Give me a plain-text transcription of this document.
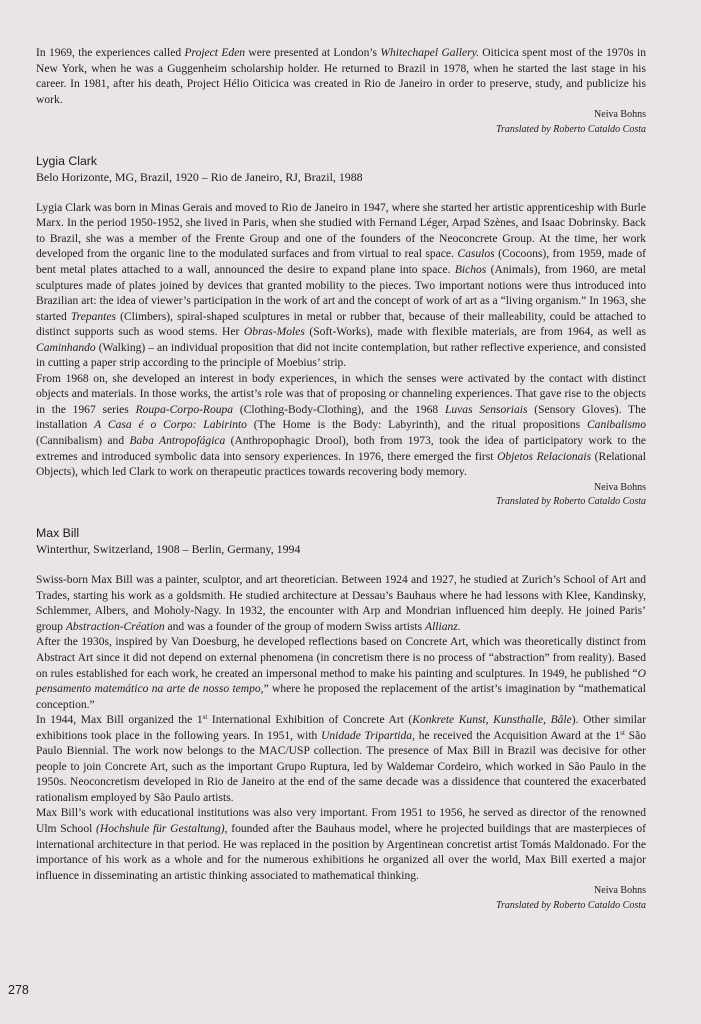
In 1969, the experiences called Project Eden were presented at London’s Whitechapel Gallery. Oiticica spent most of the 1970s in New York, when he was a Guggenheim scholarship holder. He returned to Brazil in 1978, when he started the last stage in his career. In 1981, after his death, Project Hélio Oiticica was created in Rio de Janeiro in order to preserve, study, and publicize his work.

Neiva Bohns
Translated by Roberto Cataldo Costa
Lygia Clark
Belo Horizonte, MG, Brazil, 1920 – Rio de Janeiro, RJ, Brazil, 1988

Lygia Clark was born in Minas Gerais and moved to Rio de Janeiro in 1947, where she started her artistic apprenticeship with Burle Marx. In the period 1950-1952, she lived in Paris, when she studied with Fernand Léger, Arpad Szènes, and Isaac Dobrinsky. Back to Brazil, she was a member of the Frente Group and one of the founders of the Neoconcrete Group. At the time, her work developed from the organic line to the modulated surfaces and from virtual to real space. Casulos (Cocoons), from 1959, made of bent metal plates attached to a wall, announced the desire to expand plane into space. Bichos (Animals), from 1960, are metal sculptures made of plates joined by devices that granted mobility to the pieces. Two important notions were thus introduced into Brazilian art: the idea of viewer’s participation in the work of art and the concept of work of art as a “living organism.” In 1963, she started Trepantes (Climbers), spiral-shaped sculptures in metal or rubber that, because of their malleability, could be attached to distinct supports such as wood stems. Her Obras-Moles (Soft-Works), made with flexible materials, are from 1964, as well as Caminhando (Walking) – an individual proposition that did not incite contemplation, but rather reflective experience, and consisted in cutting a paper strip according to the principle of Moebius’ strip.

From 1968 on, she developed an interest in body experiences, in which the senses were activated by the contact with distinct objects and materials. In those works, the artist’s role was that of proposing or channeling experiences. That gave rise to the objects in the 1967 series Roupa-Corpo-Roupa (Clothing-Body-Clothing), and the 1968 Luvas Sensoriais (Sensory Gloves). The installation A Casa é o Corpo: Labirinto (The Home is the Body: Labyrinth), and the ritual propositions Canibalismo (Cannibalism) and Baba Antropofágica (Anthropophagic Drool), both from 1973, took the idea of participatory work to the extremes and introduced symbolic data into sensory experiences. In 1976, there emerged the first Objetos Relacionais (Relational Objects), which led Clark to work on therapeutic practices towards recovering body memory.

Neiva Bohns
Translated by Roberto Cataldo Costa
Max Bill
Winterthur, Switzerland, 1908 – Berlin, Germany, 1994

Swiss-born Max Bill was a painter, sculptor, and art theoretician. Between 1924 and 1927, he studied at Zurich’s School of Art and Trades, starting his work as a goldsmith. He studied architecture at Dessau’s Bauhaus where he had lessons with Klee, Kandinsky, Schlemmer, Albers, and Moholy-Nagy. In 1932, the encounter with Arp and Mondrian influenced him deeply. He joined Paris’ group Abstraction-Création and was a founder of the group of modern Swiss artists Allianz.

After the 1930s, inspired by Van Doesburg, he developed reflections based on Concrete Art, which was theoretically distinct from Abstract Art since it did not depend on external phenomena (in concretism there is no process of “abstraction” from reality). Based on rules established for each work, he created an impersonal method to make his painting and sculptures. In 1949, he published “O pensamento matemático na arte de nosso tempo,” where he proposed the replacement of the artist’s imagination by “mathematical conception.”

In 1944, Max Bill organized the 1st International Exhibition of Concrete Art (Konkrete Kunst, Kunsthalle, Bâle). Other similar exhibitions took place in the following years. In 1951, with Unidade Tripartida, he received the Acquisition Award at the 1st São Paulo Biennial. The work now belongs to the MAC/USP collection. The presence of Max Bill in Brazil was decisive for other people to join Concrete Art, such as the important Grupo Ruptura, led by Waldemar Cordeiro, which worked in São Paulo in the 1950s. Neoconcretism developed in Rio de Janeiro at the end of the same decade was a dissidence that countered the exacerbated rationalism employed by São Paulo artists.

Max Bill’s work with educational institutions was also very important. From 1951 to 1956, he served as director of the renowned Ulm School (Hochshule für Gestaltung), founded after the Bauhaus model, where he projected buildings that are masterpieces of international architecture in that period. He was replaced in the position by Argentinean concretist artist Tomás Maldonado. For the importance of his work as a whole and for the numerous exhibitions he organized all over the world, Max Bill exerted a major influence in disseminating an artistic thinking associated to mathematical thinking.

Neiva Bohns
Translated by Roberto Cataldo Costa
278
